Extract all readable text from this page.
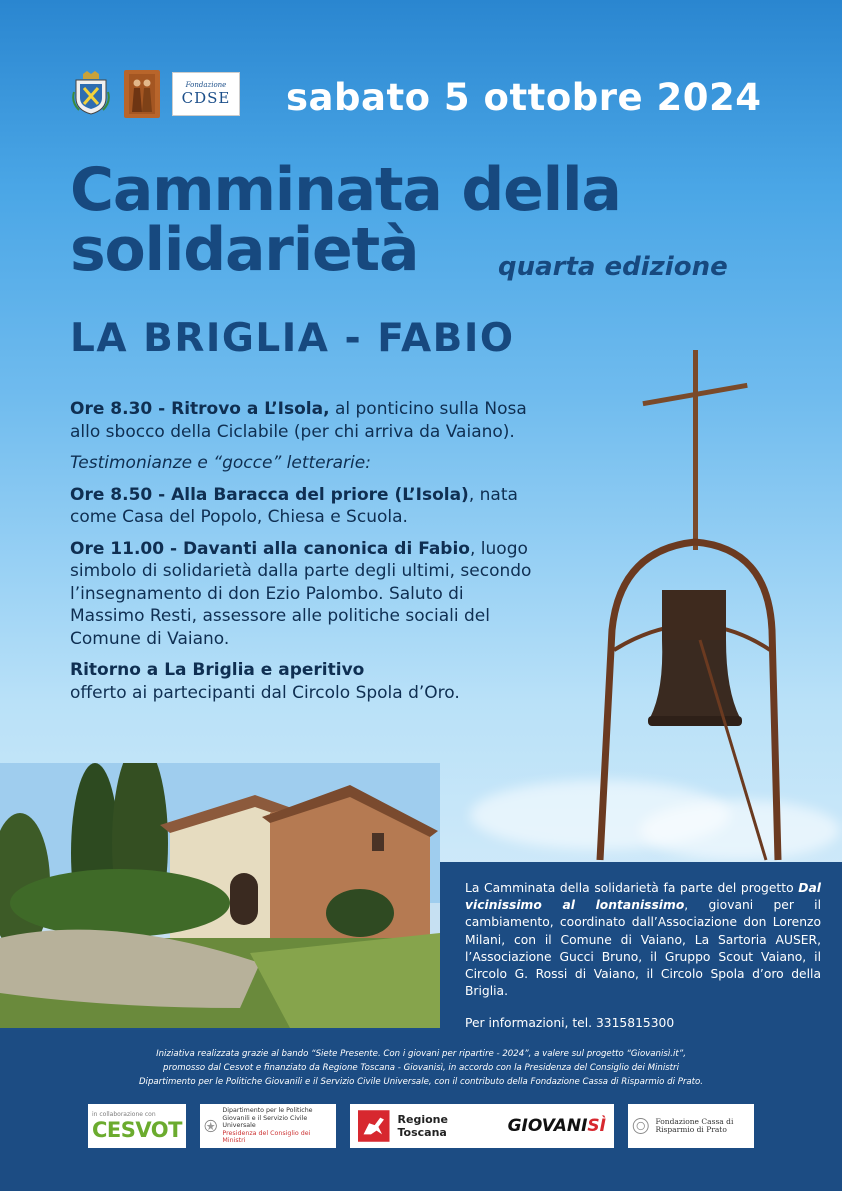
Fondazione
CDSE sabato 5 ottobre 2024
Camminata della
solidarietà	quarta edizione
LA BRIGLIA - FABIO

Ore 8.30 - Ritrovo a L’Isola, al ponticino sulla Nosa allo sbocco della Ciclabile (per chi arriva da Vaiano).

Testimonianze e “gocce” letterarie:

Ore 8.50 - Alla Baracca del priore (L’Isola), nata come Casa del Popolo, Chiesa e Scuola.

Ore 11.00 - Davanti alla canonica di Fabio, luogo simbolo di solidarietà dalla parte degli ultimi, secondo l’insegnamento di don Ezio Palombo. Saluto di Massimo Resti, assessore alle politiche sociali del Comune di Vaiano.

Ritorno a La Briglia e aperitivo
offerto ai partecipanti dal Circolo Spola d’Oro.

La Camminata della solidarietà fa parte del progetto Dal vicinissimo al lontanissimo, giovani per il cambiamento, coordinato dall’Associazione don Lorenzo Milani, con il Comune di Vaiano, La Sartoria AUSER, l’Associazione Gucci Bruno, il Gruppo Scout Vaiano, il Circolo G. Rossi di Vaiano, il Circolo Spola d’oro della Briglia.
Per informazioni, tel. 3315815300
Iniziativa realizzata grazie al bando “Siete Presente. Con i giovani per ripartire - 2024”, a valere sul progetto “Giovanisì.it”,
promosso dal Cesvot e finanziato da Regione Toscana - Giovanisì, in accordo con la Presidenza del Consiglio dei Ministri
Dipartimento per le Politiche Giovanili e il Servizio Civile Universale, con il contributo della Fondazione Cassa di Risparmio di Prato.
in collaborazione con
CESVOT
Dipartimento per le Politiche Giovanili e il Servizio Civile Universale
Presidenza del Consiglio dei Ministri
Regione Toscana	GIOVANISÌ	Fondazione Cassa di Risparmio di Prato
